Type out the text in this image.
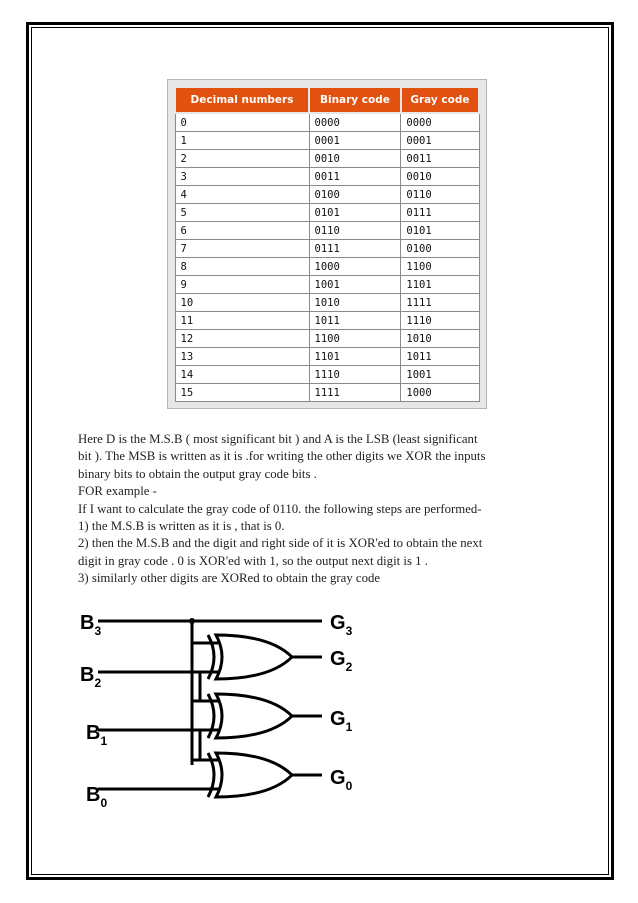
Decimal numbers	Binary code	Gray code
0	0000	0000
1	0001	0001
2	0010	0011
3	0011	0010
4	0100	0110
5	0101	0111
6	0110	0101
7	0111	0100
8	1000	1100
9	1001	1101
10	1010	1111
11	1011	1110
12	1100	1010
13	1101	1011
14	1110	1001
15	1111	1000

Here D is the M.S.B ( most significant bit ) and A is the LSB (least significant

bit ). The MSB is written as it is .for writing the other digits we XOR the inputs

binary bits to obtain the output gray code bits .

FOR example -

If I want to calculate the gray code of 0110. the following steps are performed-

1) the M.S.B is written as it is , that is 0.

2) then the M.S.B and the digit and right side of it is XOR'ed to obtain the next

digit in gray code . 0 is XOR'ed with 1, so the output next digit is 1 .

3) similarly other digits are XORed to obtain the gray code

$B_3$
$B_2$
$B_1$
$B_0$
$G_3$
$G_2$
$G_1$
$G_0$
